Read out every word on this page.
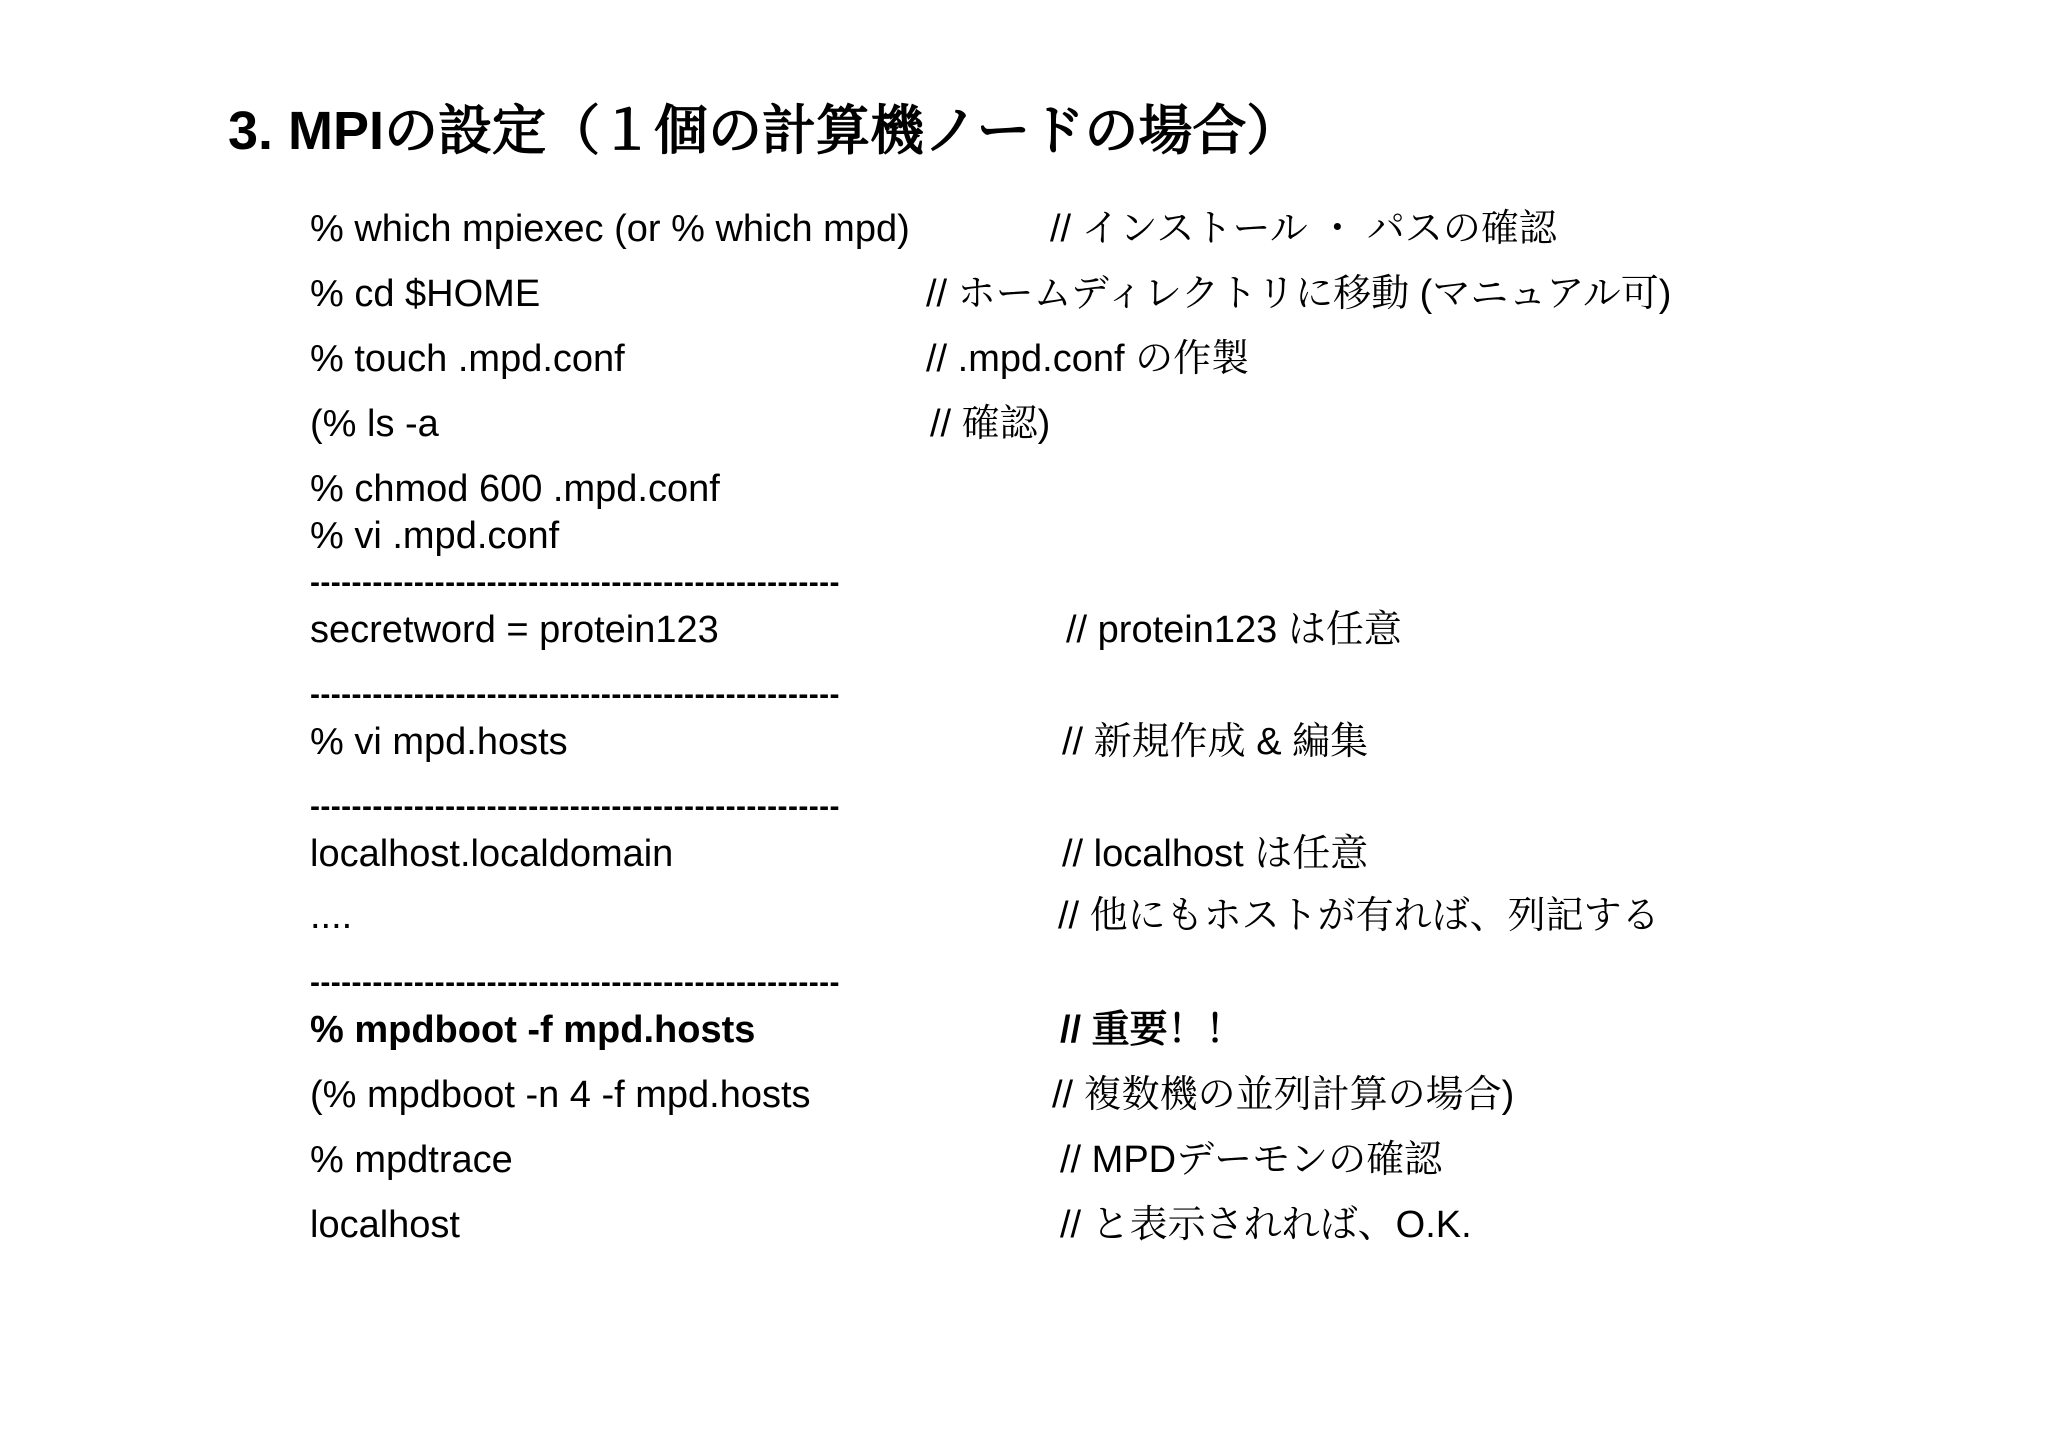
3. MPIの設定（１個の計算機ノードの場合）
% which mpiexec (or % which mpd)	// インストール ・ パスの確認
% cd $HOME	// ホームディレクトリに移動 (マニュアル可)
% touch .mpd.conf	// .mpd.conf の作製
(% ls -a	// 確認)
% chmod 600 .mpd.conf
% vi .mpd.conf
---------------------------------------------------
secretword = protein123	// protein123 は任意
---------------------------------------------------
% vi mpd.hosts	// 新規作成 & 編集
---------------------------------------------------
localhost.localdomain	// localhost は任意
....	// 他にもホストが有れば、列記する
---------------------------------------------------
% mpdboot -f mpd.hosts	// 重要！！
(% mpdboot -n 4 -f mpd.hosts	// 複数機の並列計算の場合)
% mpdtrace	// MPDデーモンの確認
localhost	// と表示されれば、O.K.
